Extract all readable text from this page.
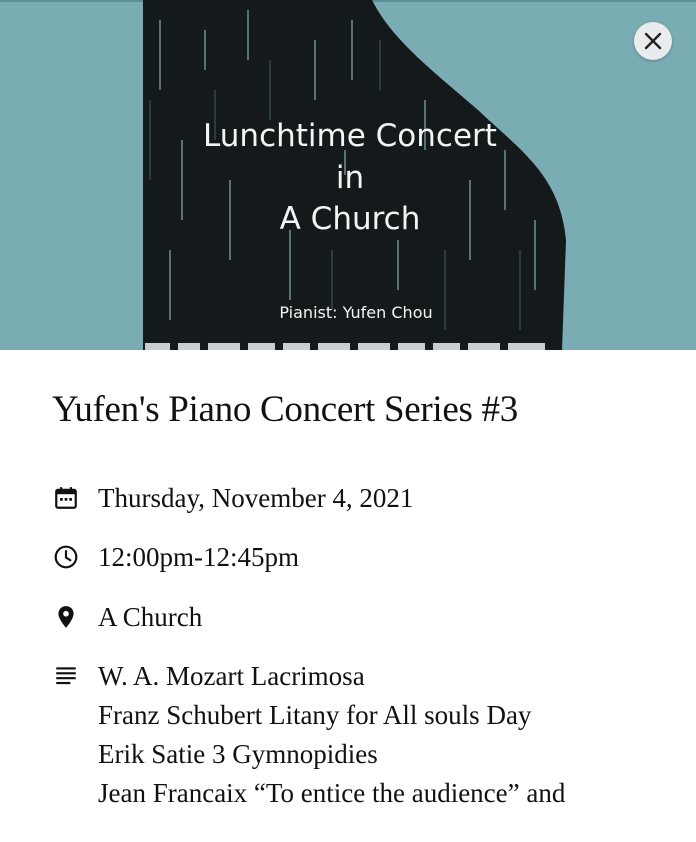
Lunchtime Concert
in
A Church
Pianist: Yufen Chou
Yufen's Piano Concert Series #3
Thursday, November 4, 2021
12:00pm-12:45pm
A Church
W. A. Mozart Lacrimosa
Franz Schubert Litany for All souls Day
Erik Satie 3 Gymnopidies
Jean Francaix “To entice the audience” and
